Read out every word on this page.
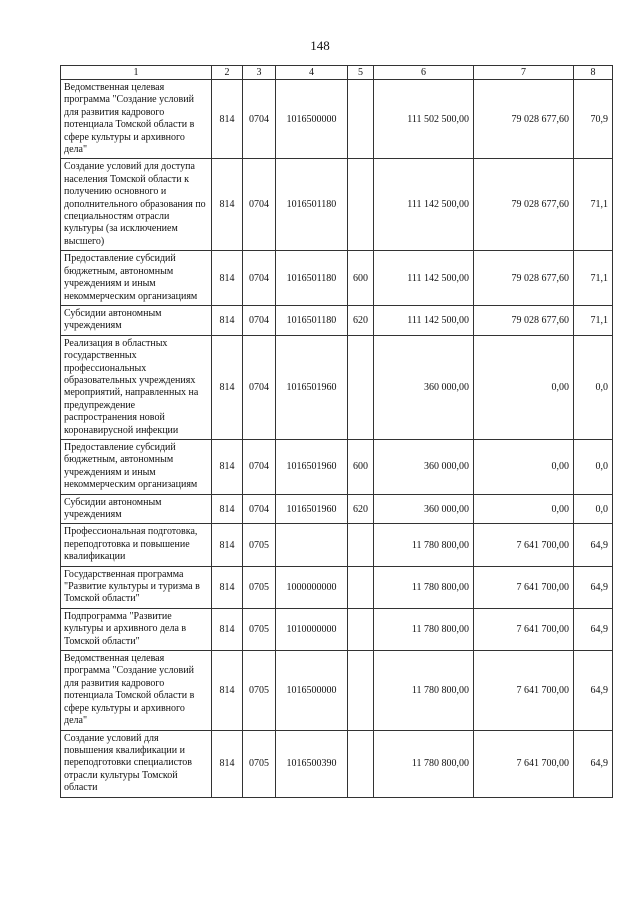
148
1	2	3	4	5	6	7	8
Ведомственная целевая программа "Создание условий для развития кадрового потенциала Томской области в сфере культуры и архивного дела"	814	0704	1016500000		111 502 500,00	79 028 677,60	70,9
Создание условий для доступа населения Томской области к получению основного и дополнительного образования по специальностям отрасли культуры (за исключением высшего)	814	0704	1016501180		111 142 500,00	79 028 677,60	71,1
Предоставление субсидий бюджетным, автономным учреждениям и иным некоммерческим организациям	814	0704	1016501180	600	111 142 500,00	79 028 677,60	71,1
Субсидии автономным учреждениям	814	0704	1016501180	620	111 142 500,00	79 028 677,60	71,1
Реализация в областных государственных профессиональных образовательных учреждениях мероприятий, направленных на предупреждение распространения новой коронавирусной инфекции	814	0704	1016501960		360 000,00	0,00	0,0
Предоставление субсидий бюджетным, автономным учреждениям и иным некоммерческим организациям	814	0704	1016501960	600	360 000,00	0,00	0,0
Субсидии автономным учреждениям	814	0704	1016501960	620	360 000,00	0,00	0,0
Профессиональная подготовка, переподготовка и повышение квалификации	814	0705			11 780 800,00	7 641 700,00	64,9
Государственная программа "Развитие культуры и туризма в Томской области"	814	0705	1000000000		11 780 800,00	7 641 700,00	64,9
Подпрограмма "Развитие культуры и архивного дела в Томской области"	814	0705	1010000000		11 780 800,00	7 641 700,00	64,9
Ведомственная целевая программа "Создание условий для развития кадрового потенциала Томской области в сфере культуры и архивного дела"	814	0705	1016500000		11 780 800,00	7 641 700,00	64,9
Создание условий для повышения квалификации и переподготовки специалистов отрасли культуры Томской области	814	0705	1016500390		11 780 800,00	7 641 700,00	64,9
